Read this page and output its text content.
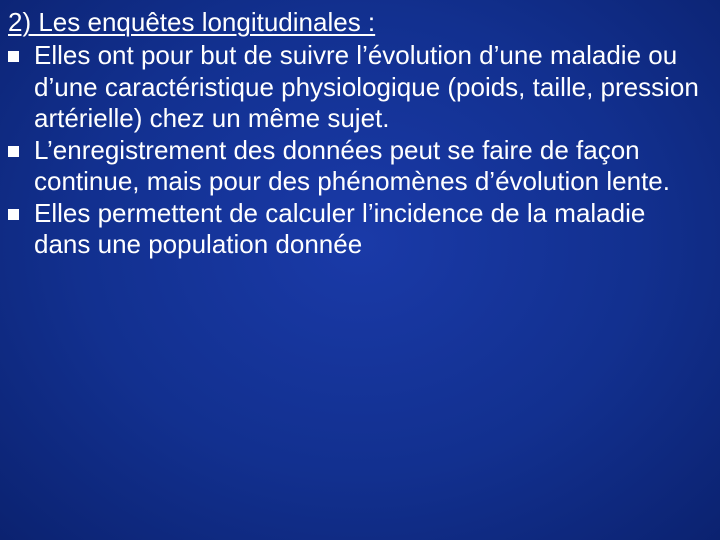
2) Les enquêtes longitudinales :
Elles ont pour but de suivre l’évolution d’une maladie ou d’une caractéristique physiologique (poids, taille, pression artérielle) chez un même sujet.
L’enregistrement des données peut se faire de façon continue, mais pour des phénomènes d’évolution lente.
Elles permettent de calculer l’incidence de la maladie dans une population donnée
